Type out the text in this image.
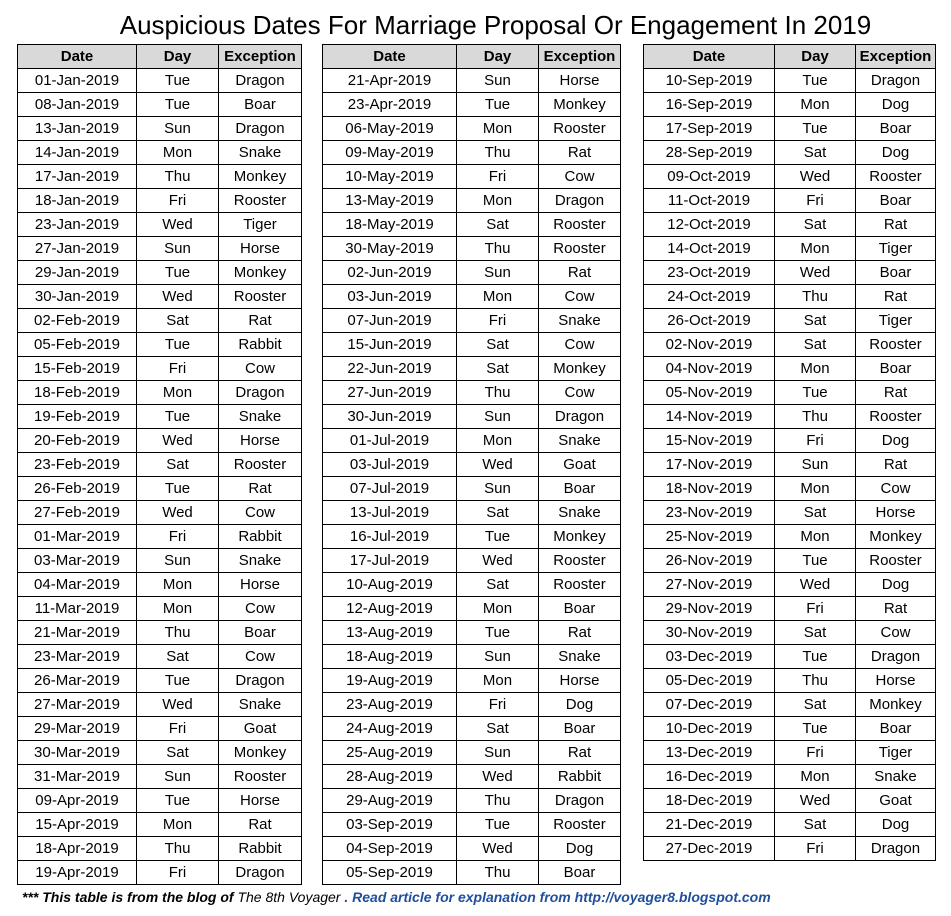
Auspicious Dates For Marriage Proposal Or Engagement In 2019
Date	Day	Exception
01-Jan-2019	Tue	Dragon
08-Jan-2019	Tue	Boar
13-Jan-2019	Sun	Dragon
14-Jan-2019	Mon	Snake
17-Jan-2019	Thu	Monkey
18-Jan-2019	Fri	Rooster
23-Jan-2019	Wed	Tiger
27-Jan-2019	Sun	Horse
29-Jan-2019	Tue	Monkey
30-Jan-2019	Wed	Rooster
02-Feb-2019	Sat	Rat
05-Feb-2019	Tue	Rabbit
15-Feb-2019	Fri	Cow
18-Feb-2019	Mon	Dragon
19-Feb-2019	Tue	Snake
20-Feb-2019	Wed	Horse
23-Feb-2019	Sat	Rooster
26-Feb-2019	Tue	Rat
27-Feb-2019	Wed	Cow
01-Mar-2019	Fri	Rabbit
03-Mar-2019	Sun	Snake
04-Mar-2019	Mon	Horse
11-Mar-2019	Mon	Cow
21-Mar-2019	Thu	Boar
23-Mar-2019	Sat	Cow
26-Mar-2019	Tue	Dragon
27-Mar-2019	Wed	Snake
29-Mar-2019	Fri	Goat
30-Mar-2019	Sat	Monkey
31-Mar-2019	Sun	Rooster
09-Apr-2019	Tue	Horse
15-Apr-2019	Mon	Rat
18-Apr-2019	Thu	Rabbit
19-Apr-2019	Fri	Dragon
Date	Day	Exception
21-Apr-2019	Sun	Horse
23-Apr-2019	Tue	Monkey
06-May-2019	Mon	Rooster
09-May-2019	Thu	Rat
10-May-2019	Fri	Cow
13-May-2019	Mon	Dragon
18-May-2019	Sat	Rooster
30-May-2019	Thu	Rooster
02-Jun-2019	Sun	Rat
03-Jun-2019	Mon	Cow
07-Jun-2019	Fri	Snake
15-Jun-2019	Sat	Cow
22-Jun-2019	Sat	Monkey
27-Jun-2019	Thu	Cow
30-Jun-2019	Sun	Dragon
01-Jul-2019	Mon	Snake
03-Jul-2019	Wed	Goat
07-Jul-2019	Sun	Boar
13-Jul-2019	Sat	Snake
16-Jul-2019	Tue	Monkey
17-Jul-2019	Wed	Rooster
10-Aug-2019	Sat	Rooster
12-Aug-2019	Mon	Boar
13-Aug-2019	Tue	Rat
18-Aug-2019	Sun	Snake
19-Aug-2019	Mon	Horse
23-Aug-2019	Fri	Dog
24-Aug-2019	Sat	Boar
25-Aug-2019	Sun	Rat
28-Aug-2019	Wed	Rabbit
29-Aug-2019	Thu	Dragon
03-Sep-2019	Tue	Rooster
04-Sep-2019	Wed	Dog
05-Sep-2019	Thu	Boar
Date	Day	Exception
10-Sep-2019	Tue	Dragon
16-Sep-2019	Mon	Dog
17-Sep-2019	Tue	Boar
28-Sep-2019	Sat	Dog
09-Oct-2019	Wed	Rooster
11-Oct-2019	Fri	Boar
12-Oct-2019	Sat	Rat
14-Oct-2019	Mon	Tiger
23-Oct-2019	Wed	Boar
24-Oct-2019	Thu	Rat
26-Oct-2019	Sat	Tiger
02-Nov-2019	Sat	Rooster
04-Nov-2019	Mon	Boar
05-Nov-2019	Tue	Rat
14-Nov-2019	Thu	Rooster
15-Nov-2019	Fri	Dog
17-Nov-2019	Sun	Rat
18-Nov-2019	Mon	Cow
23-Nov-2019	Sat	Horse
25-Nov-2019	Mon	Monkey
26-Nov-2019	Tue	Rooster
27-Nov-2019	Wed	Dog
29-Nov-2019	Fri	Rat
30-Nov-2019	Sat	Cow
03-Dec-2019	Tue	Dragon
05-Dec-2019	Thu	Horse
07-Dec-2019	Sat	Monkey
10-Dec-2019	Tue	Boar
13-Dec-2019	Fri	Tiger
16-Dec-2019	Mon	Snake
18-Dec-2019	Wed	Goat
21-Dec-2019	Sat	Dog
27-Dec-2019	Fri	Dragon
*** This table is from the blog of The 8th Voyager . Read article for explanation from http://voyager8.blogspot.com
